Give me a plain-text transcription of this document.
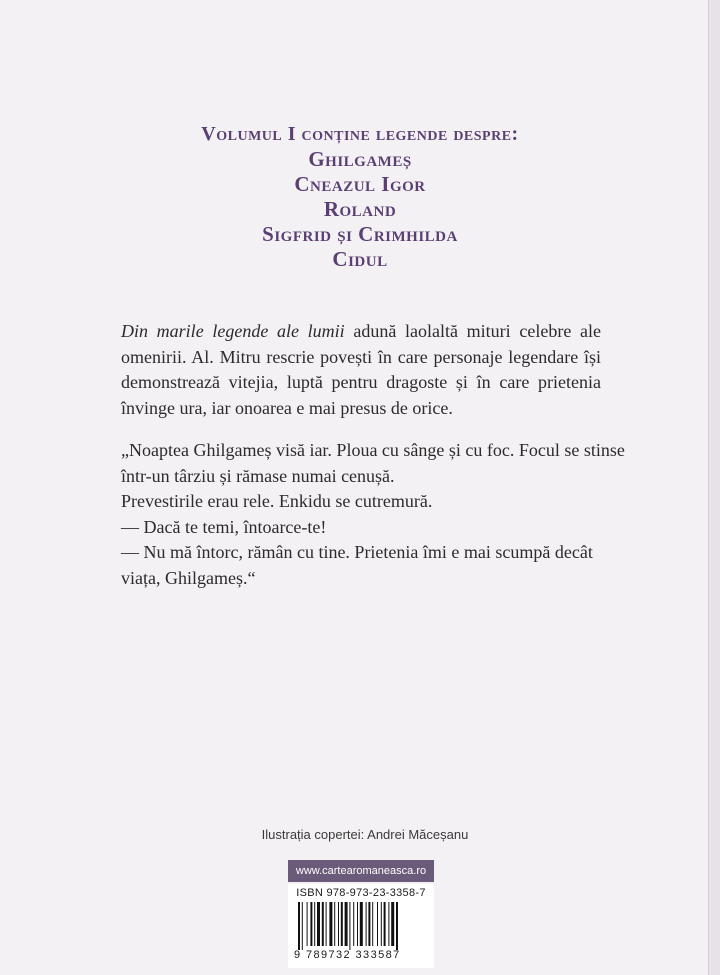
Volumul I conține legende despre:
Ghilgameș
Cneazul Igor
Roland
Sigfrid și Crimhilda
Cidul
Din marile legende ale lumii adună laolaltă mituri celebre ale omenirii. Al. Mitru rescrie povești în care personaje legendare își demonstrează vitejia, luptă pentru dragoste și în care prietenia învinge ura, iar onoarea e mai presus de orice.
„Noaptea Ghilgameș visă iar. Ploua cu sânge și cu foc. Focul se stinse
într-un târziu și rămase numai cenușă.
Prevestirile erau rele. Enkidu se cutremură.
— Dacă te temi, întoarce-te!
— Nu mă întorc, rămân cu tine. Prietenia îmi e mai scumpă decât
viața, Ghilgameș.“
Ilustrația copertei: Andrei Măceșanu
www.cartearomaneasca.ro
ISBN 978-973-23-3358-7
9 789732 333587
